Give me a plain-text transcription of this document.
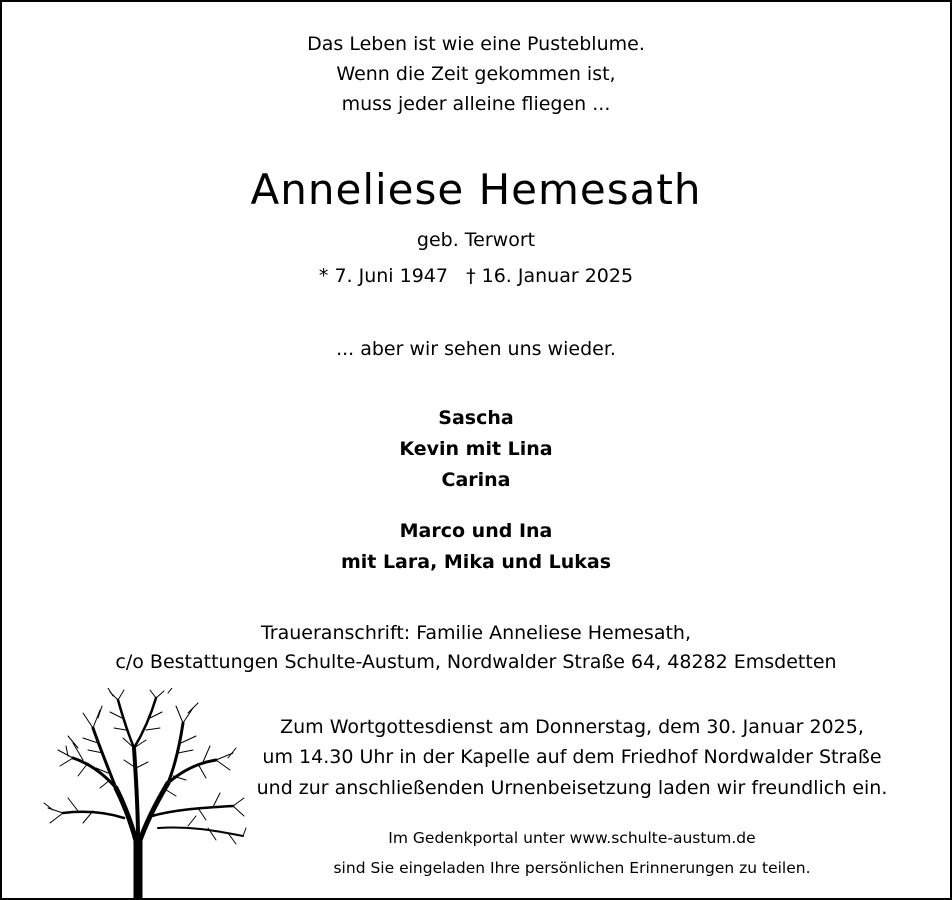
Das Leben ist wie eine Pusteblume.
Wenn die Zeit gekommen ist,
muss jeder alleine fliegen ...
Anneliese Hemesath
geb. Terwort
* 7. Juni 1947   † 16. Januar 2025
... aber wir sehen uns wieder.
Sascha
Kevin mit Lina
Carina
Marco und Ina
mit Lara, Mika und Lukas
Traueranschrift: Familie Anneliese Hemesath,
c/o Bestattungen Schulte-Austum, Nordwalder Straße 64, 48282 Emsdetten
Zum Wortgottesdienst am Donnerstag, dem 30. Januar 2025,
um 14.30 Uhr in der Kapelle auf dem Friedhof Nordwalder Straße
und zur anschließenden Urnenbeisetzung laden wir freundlich ein.
Im Gedenkportal unter www.schulte-austum.de
sind Sie eingeladen Ihre persönlichen Erinnerungen zu teilen.
